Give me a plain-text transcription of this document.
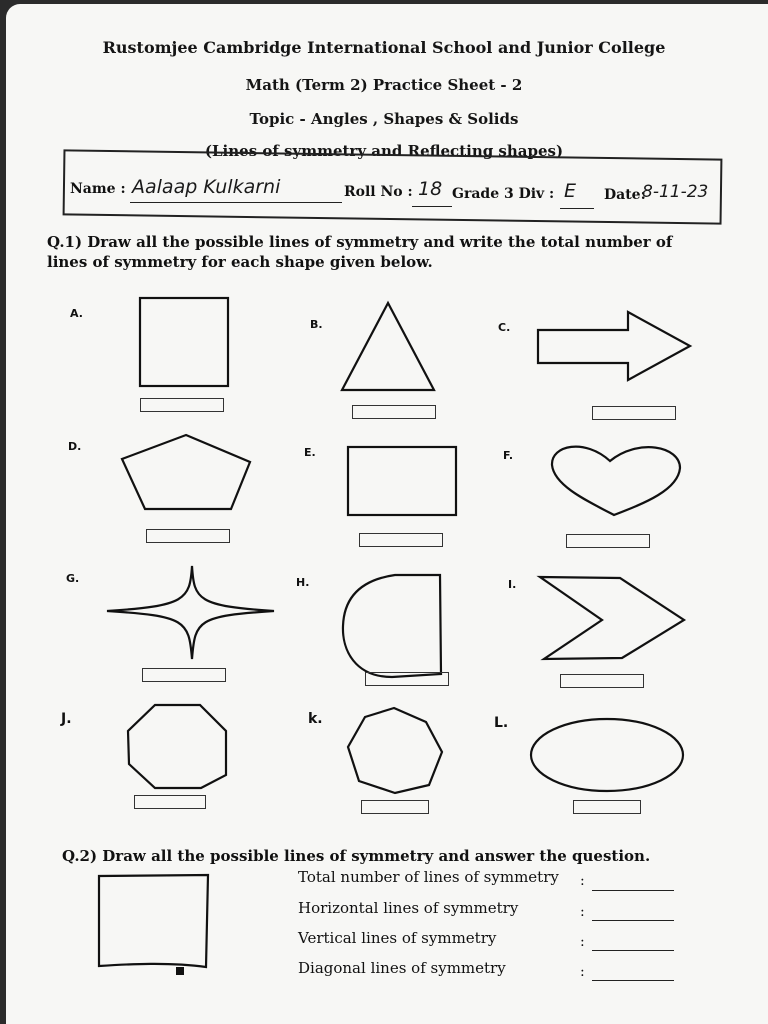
Rustomjee Cambridge International School and Junior College
Math (Term 2) Practice Sheet - 2
Topic - Angles , Shapes & Solids
(Lines of symmetry and Reflecting shapes)
Name : Aalaap Kulkarni	Roll No : 18 Grade 3 Div : E Date:
8-11-23
Q.1) Draw all the possible lines of symmetry and write the total number of lines of symmetry for each shape given below.
A.
B.	C.
D.	E.	F.
G.	H.	I.
J.	k.	L.
Q.2) Draw all the possible lines of symmetry and answer the question.
Total number of lines of symmetry :
Horizontal lines of symmetry	:
Vertical lines of symmetry	:
Diagonal lines of symmetry	:
